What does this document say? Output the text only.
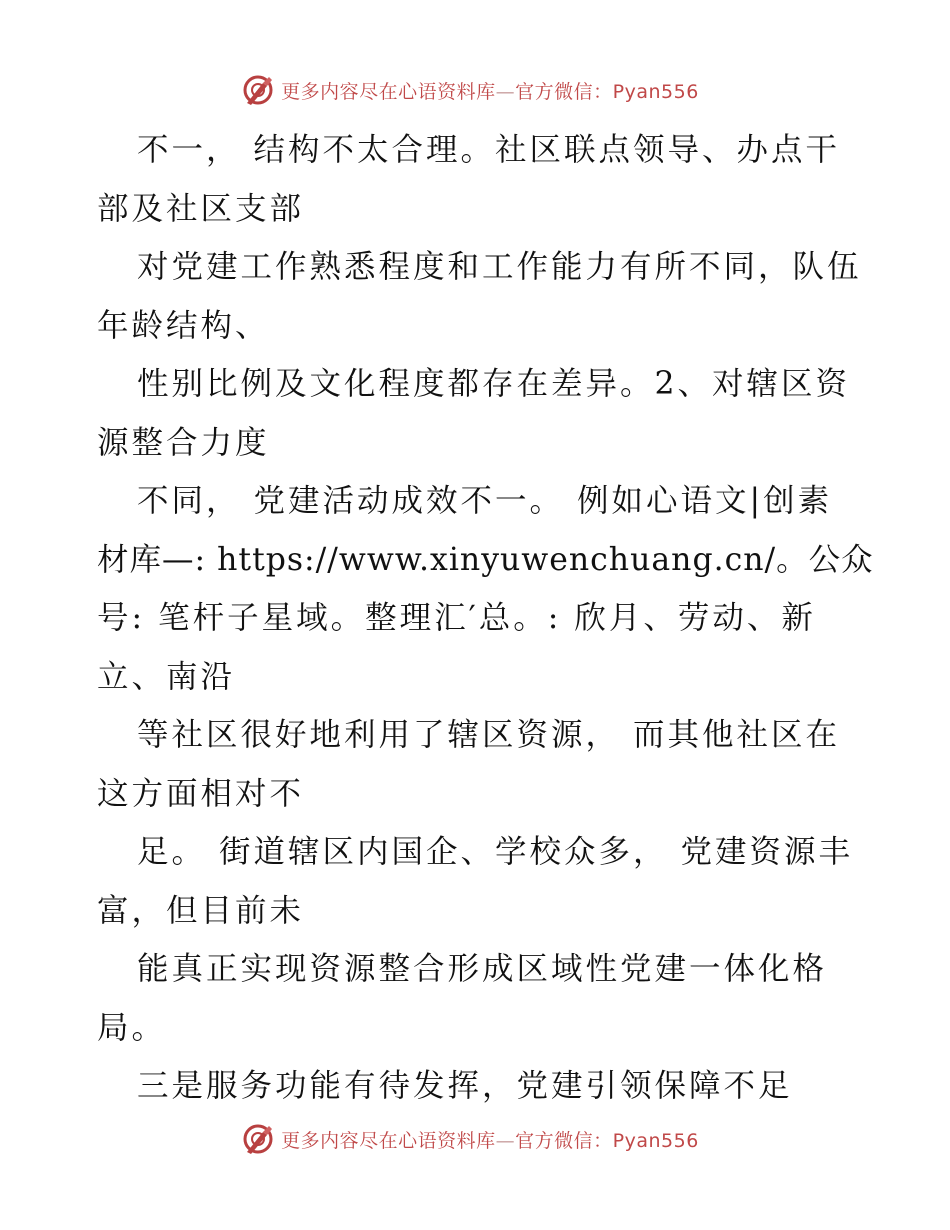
更多内容尽在心语资料库—官方微信：Pyan556
不一， 结构不太合理。社区联点领导、办点干
部及社区支部
对党建工作熟悉程度和工作能力有所不同，队伍
年龄结构、
性别比例及文化程度都存在差异。2、对辖区资
源整合力度
不同， 党建活动成效不一。 例如心语文|创素
材库—: https://www.xinyuwenchuang.cn/。公众
号: 笔杆子星域。整理汇′总。: 欣月、劳动、新
立、南沿
等社区很好地利用了辖区资源， 而其他社区在
这方面相对不
足。 街道辖区内国企、学校众多， 党建资源丰
富，但目前未
能真正实现资源整合形成区域性党建一体化格
局。
三是服务功能有待发挥，党建引领保障不足
更多内容尽在心语资料库—官方微信：Pyan556
